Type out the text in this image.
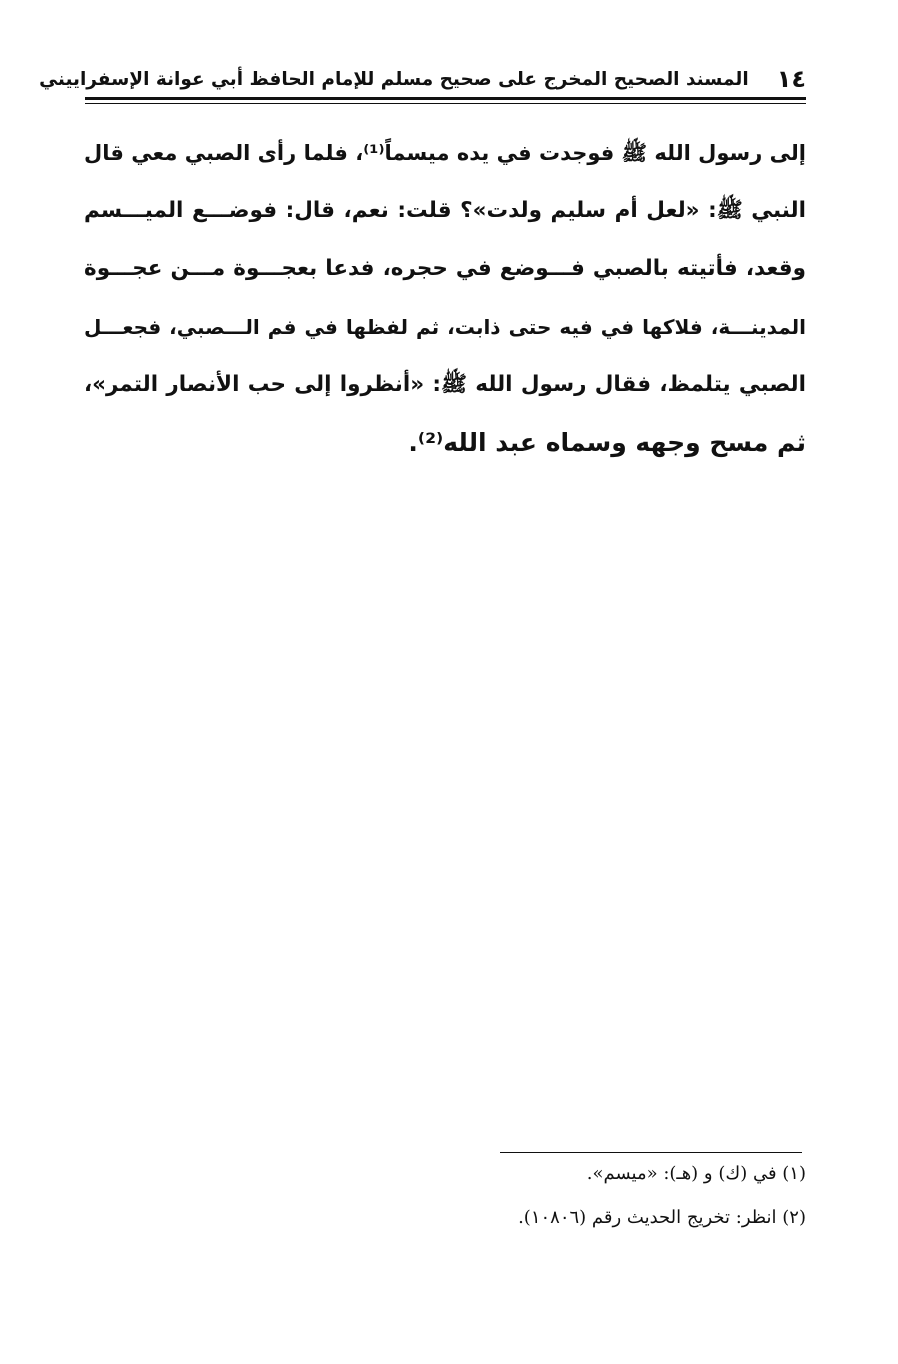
١٤
المسند الصحيح المخرج على صحيح مسلم للإمام الحافظ أبي عوانة الإسفراييني
إلى رسول الله ﷺ فوجدت في يده ميسماً⁽¹⁾، فلما رأى الصبي معي قال
النبي ﷺ: «لعل أم سليم ولدت»؟ قلت: نعم، قال: فوضـــع الميـــسم
وقعد، فأتيته بالصبي فـــوضع في حجره، فدعا بعجـــوة مـــن عجـــوة
المدينـــة، فلاكها في فيه حتى ذابت، ثم لفظها في فم الـــصبي، فجعـــل
الصبي يتلمظ، فقال رسول الله ﷺ: «أنظروا إلى حب الأنصار التمر»،
ثم مسح وجهه وسماه عبد الله⁽²⁾.
(١) في (ك) و (هـ): «ميسم».
(٢) انظر: تخريج الحديث رقم (١٠٨٠٦).
